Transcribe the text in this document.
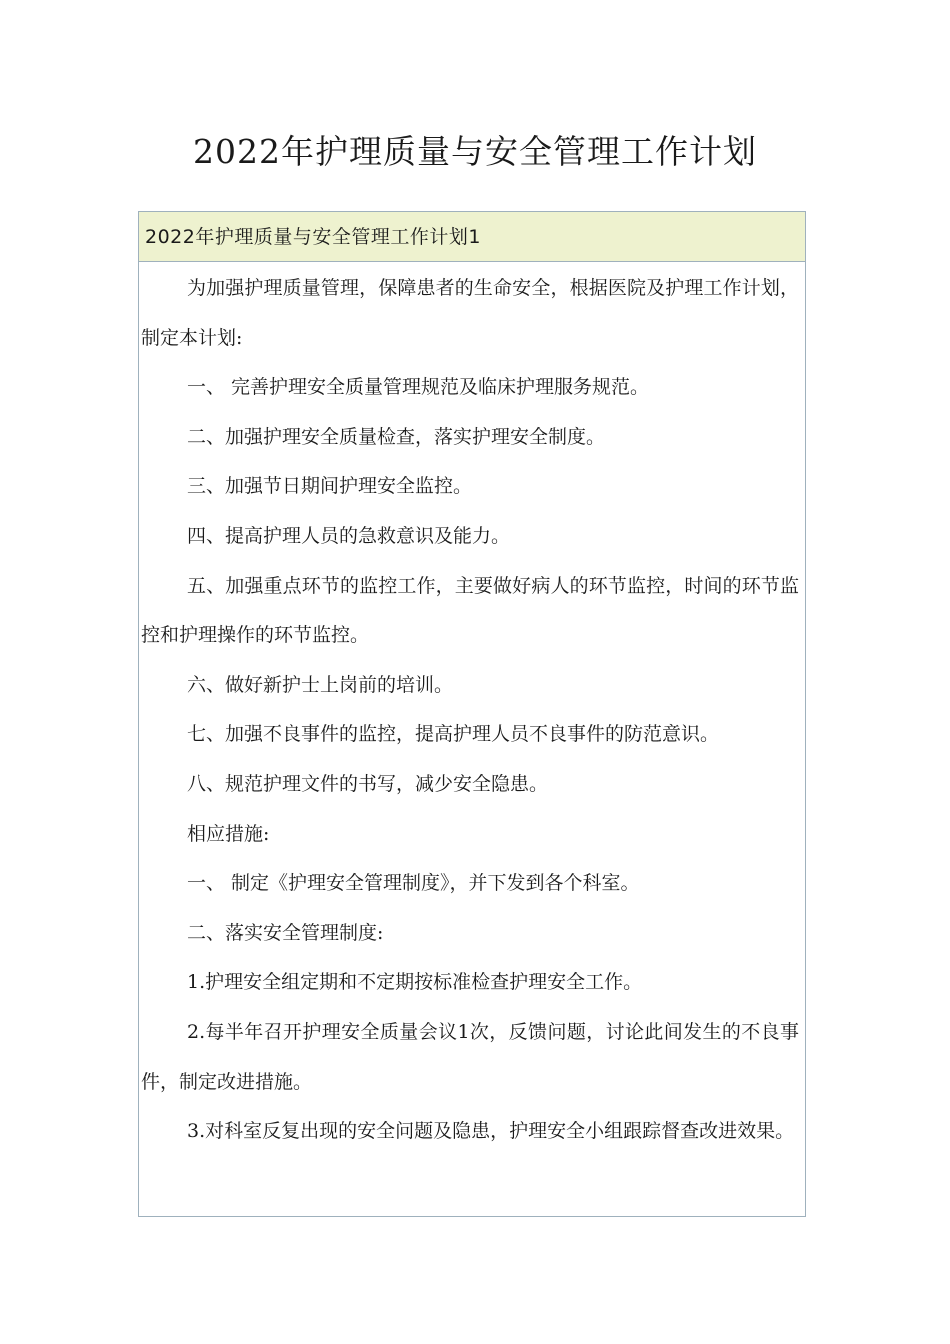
2022年护理质量与安全管理工作计划
2022年护理质量与安全管理工作计划1

为加强护理质量管理，保障患者的生命安全，根据医院及护理工作计划，制定本计划:

一、 完善护理安全质量管理规范及临床护理服务规范。

二、加强护理安全质量检查，落实护理安全制度。

三、加强节日期间护理安全监控。

四、提高护理人员的急救意识及能力。

五、加强重点环节的监控工作，主要做好病人的环节监控，时间的环节监控和护理操作的环节监控。

六、做好新护士上岗前的培训。

七、加强不良事件的监控，提高护理人员不良事件的防范意识。

八、规范护理文件的书写，减少安全隐患。

相应措施:

一、 制定《护理安全管理制度》，并下发到各个科室。

二、落实安全管理制度:

1.护理安全组定期和不定期按标准检查护理安全工作。

2.每半年召开护理安全质量会议1次，反馈问题，讨论此间发生的不良事件，制定改进措施。

3.对科室反复出现的安全问题及隐患，护理安全小组跟踪督查改进效果。
